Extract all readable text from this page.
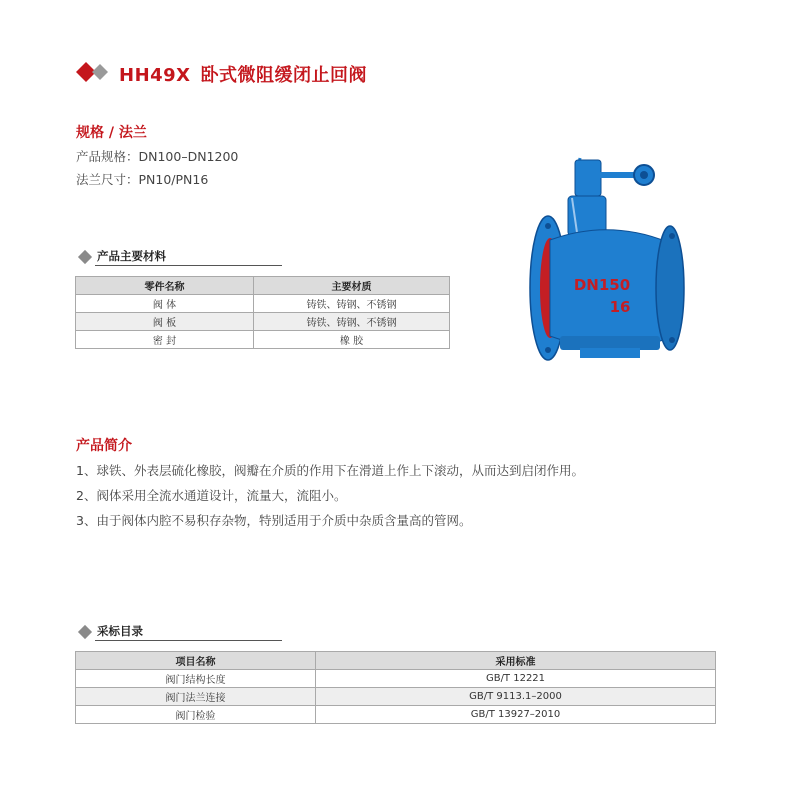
HH49X 卧式微阻缓闭止回阀
规格 / 法兰
产品规格：DN100–DN1200
法兰尺寸：PN10/PN16
产品主要材料
零件名称	主要材质
阀 体	铸铁、铸钢、不锈钢
阀 板	铸铁、铸钢、不锈钢
密 封	橡 胶
DN150
16
产品简介
1、球铁、外表层硫化橡胶，阀瓣在介质的作用下在滑道上作上下滚动，从而达到启闭作用。
2、阀体采用全流水通道设计，流量大，流阻小。
3、由于阀体内腔不易积存杂物，特别适用于介质中杂质含量高的管网。
采标目录
项目名称	采用标准
阀门结构长度	GB/T 12221
阀门法兰连接	GB/T 9113.1–2000
阀门检验	GB/T 13927–2010
